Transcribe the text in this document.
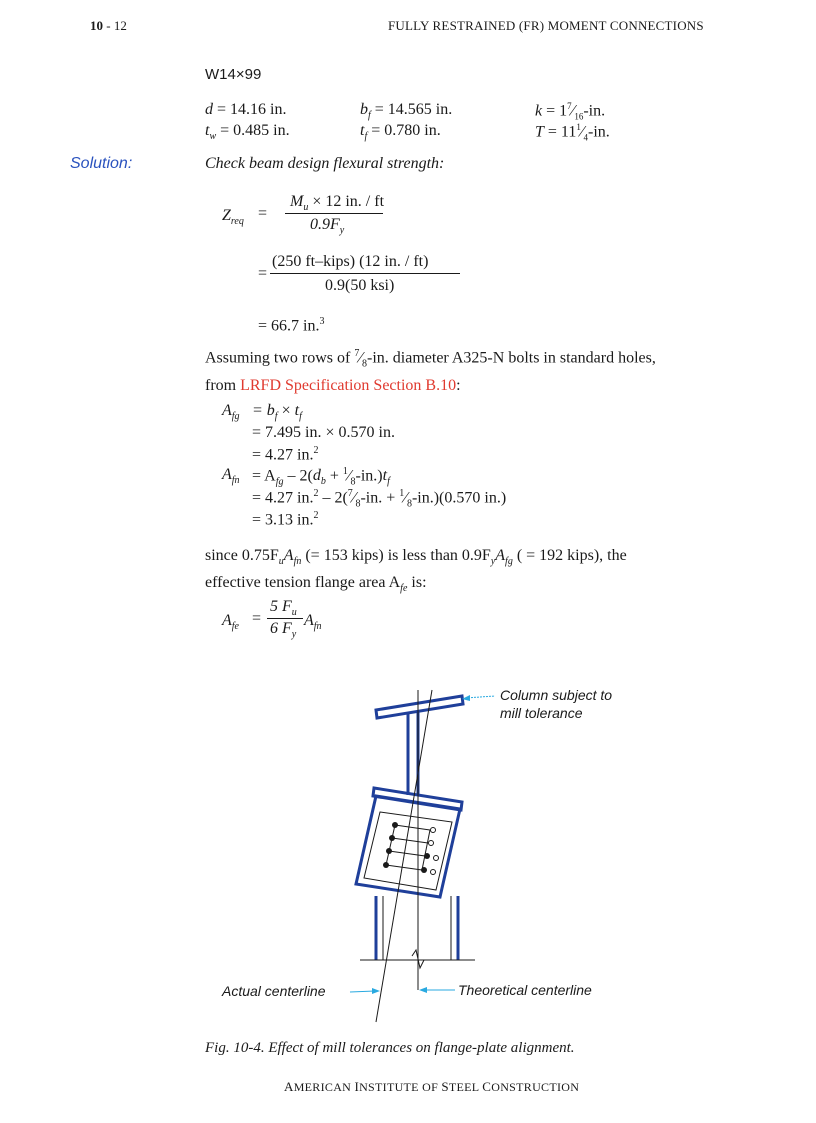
10 - 12	FULLY RESTRAINED (FR) MOMENT CONNECTIONS
W14×99
d = 14.16 in.	$b_f = 14.565$ in.	$k = 1^7⁄_{16}-in$.
$t_w = 0.485$ in.	$t_f = 0.780$ in.	$T = 11^1⁄_4-in$.
Solution:	Check beam design flexural strength:
$Z_{req}$ =
$M_u \times 12$ in. / ft
$0.9F_y$
=
(250 ft–kips) (12 in. / ft)
0.9(50 ksi)
= 66.7 in.$^3$
Assuming two rows of $^7⁄_8-in$. diameter A325-N bolts in standard holes,
from LRFD Specification Section B.10:
$A_{fg} = b_f \times t_f$
= 7.495 in. × 0.570 in.
= 4.27 in.$^2$
$A_{fn} = A_{fg} - 2(d_b$ + $^1⁄_8-in.)t_f$
= 4.27 $in.^2 - 2(^7⁄_8-in$. + $^1⁄_8-in.)(0.570$ in.)
= 3.13 in.$^2$
since $0.75F_uA_{fn}$ (= 153 kips) is less than $0.9F_yA_{fg}$ ( = 192 kips), the
effective tension flange area $A_{fe}$ is:
$A_{fe}$ =
5 $F_u$
6 $F_y$
$A_{fn}$
Column subject to
mill tolerance
Actual centerline	Theoretical centerline
Fig. 10-4. Effect of mill tolerances on flange-plate alignment.
AMERICAN INSTITUTE OF STEEL CONSTRUCTION
